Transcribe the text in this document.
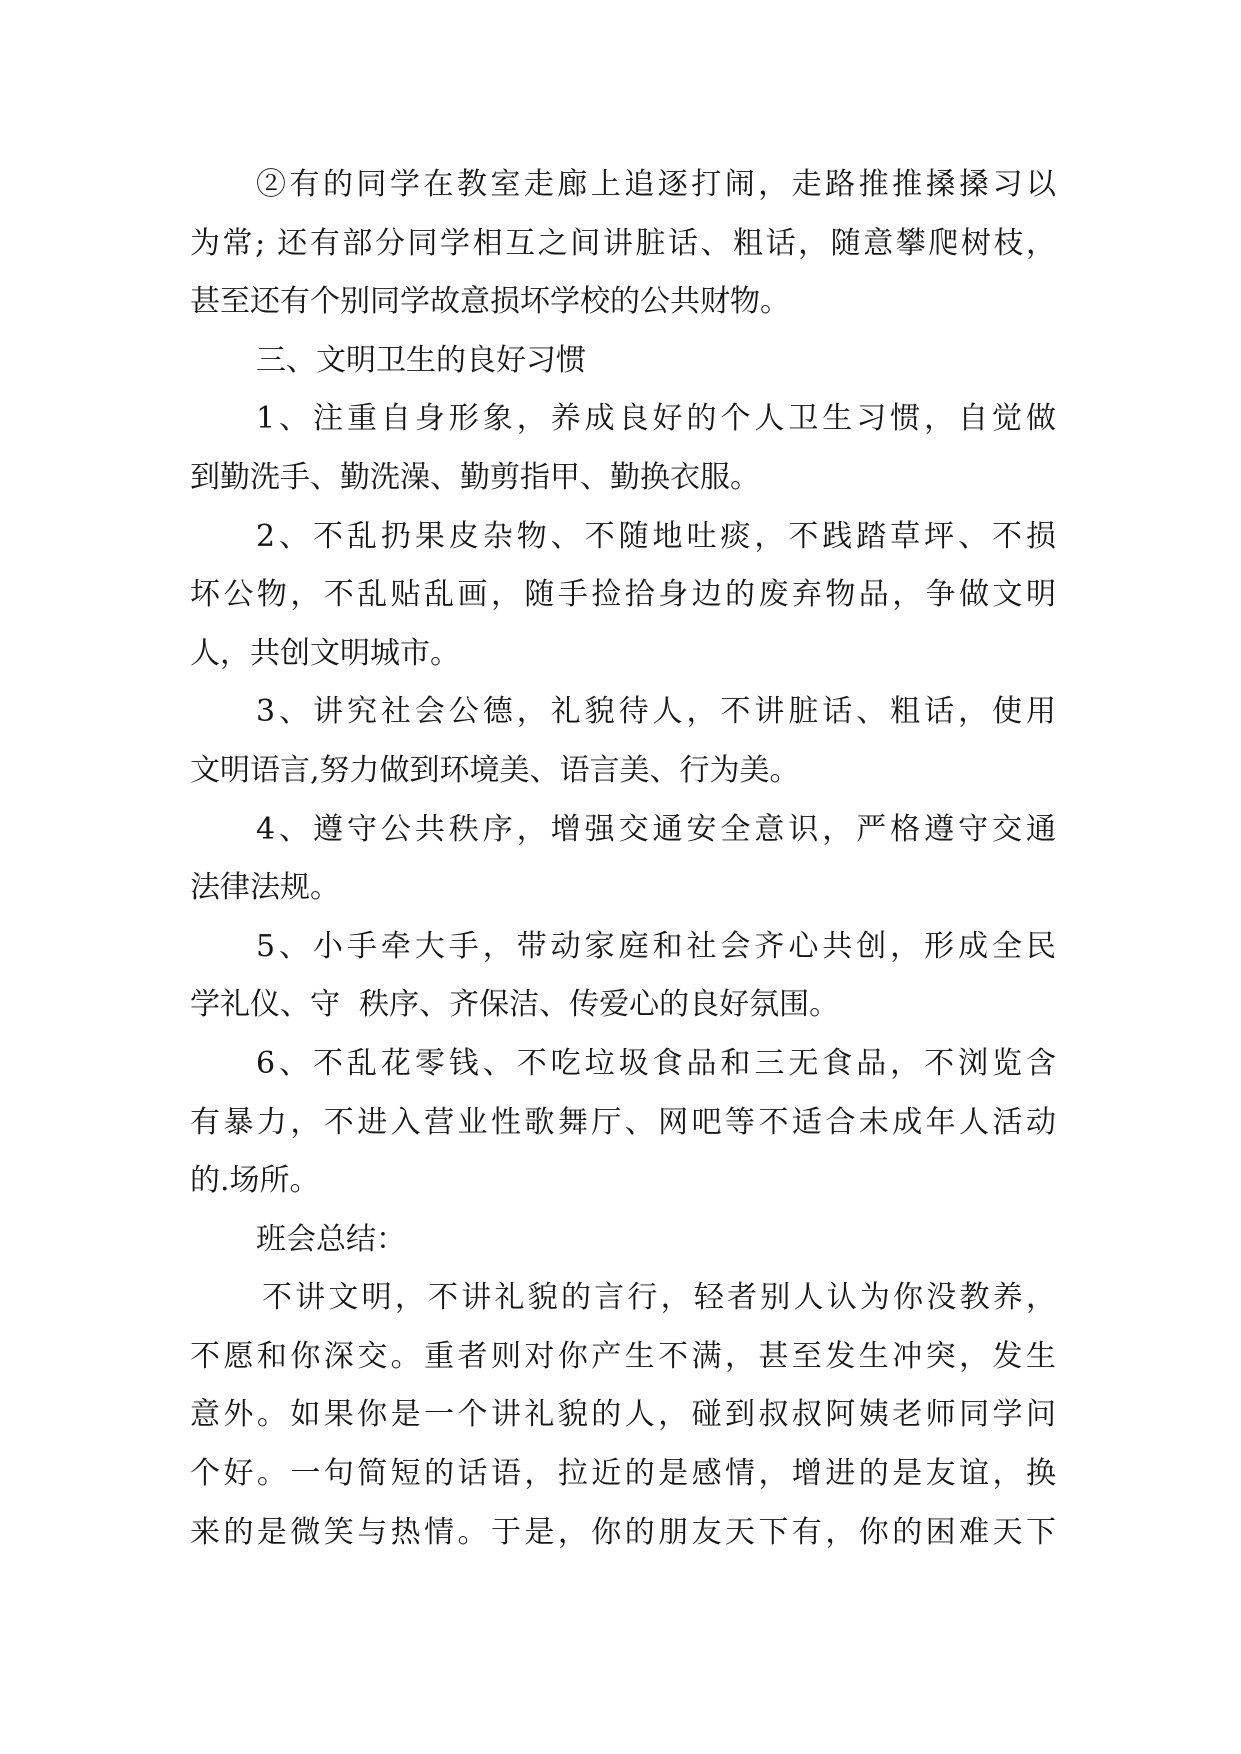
②有的同学在教室走廊上追逐打闹，走路推推搡搡习以
为常; 还有部分同学相互之间讲脏话、粗话，随意攀爬树枝，
甚至还有个别同学故意损坏学校的公共财物。
三、文明卫生的良好习惯
1、注重自身形象，养成良好的个人卫生习惯，自觉做
到勤洗手、勤洗澡、勤剪指甲、勤换衣服。
2、不乱扔果皮杂物、不随地吐痰，不践踏草坪、不损
坏公物，不乱贴乱画，随手捡拾身边的废弃物品，争做文明
人，共创文明城市。
3、讲究社会公德，礼貌待人，不讲脏话、粗话，使用
文明语言,努力做到环境美、语言美、行为美。
4、遵守公共秩序，增强交通安全意识，严格遵守交通
法律法规。
5、小手牵大手，带动家庭和社会齐心共创，形成全民
学礼仪、守  秩序、齐保洁、传爱心的良好氛围。
6、不乱花零钱、不吃垃圾食品和三无食品，不浏览含
有暴力，不进入营业性歌舞厅、网吧等不适合未成年人活动
的.场所。
班会总结：
不讲文明，不讲礼貌的言行，轻者别人认为你没教养，
不愿和你深交。重者则对你产生不满，甚至发生冲突，发生
意外。如果你是一个讲礼貌的人，碰到叔叔阿姨老师同学问
个好。一句简短的话语，拉近的是感情，增进的是友谊，换
来的是微笑与热情。于是，你的朋友天下有，你的困难天下
